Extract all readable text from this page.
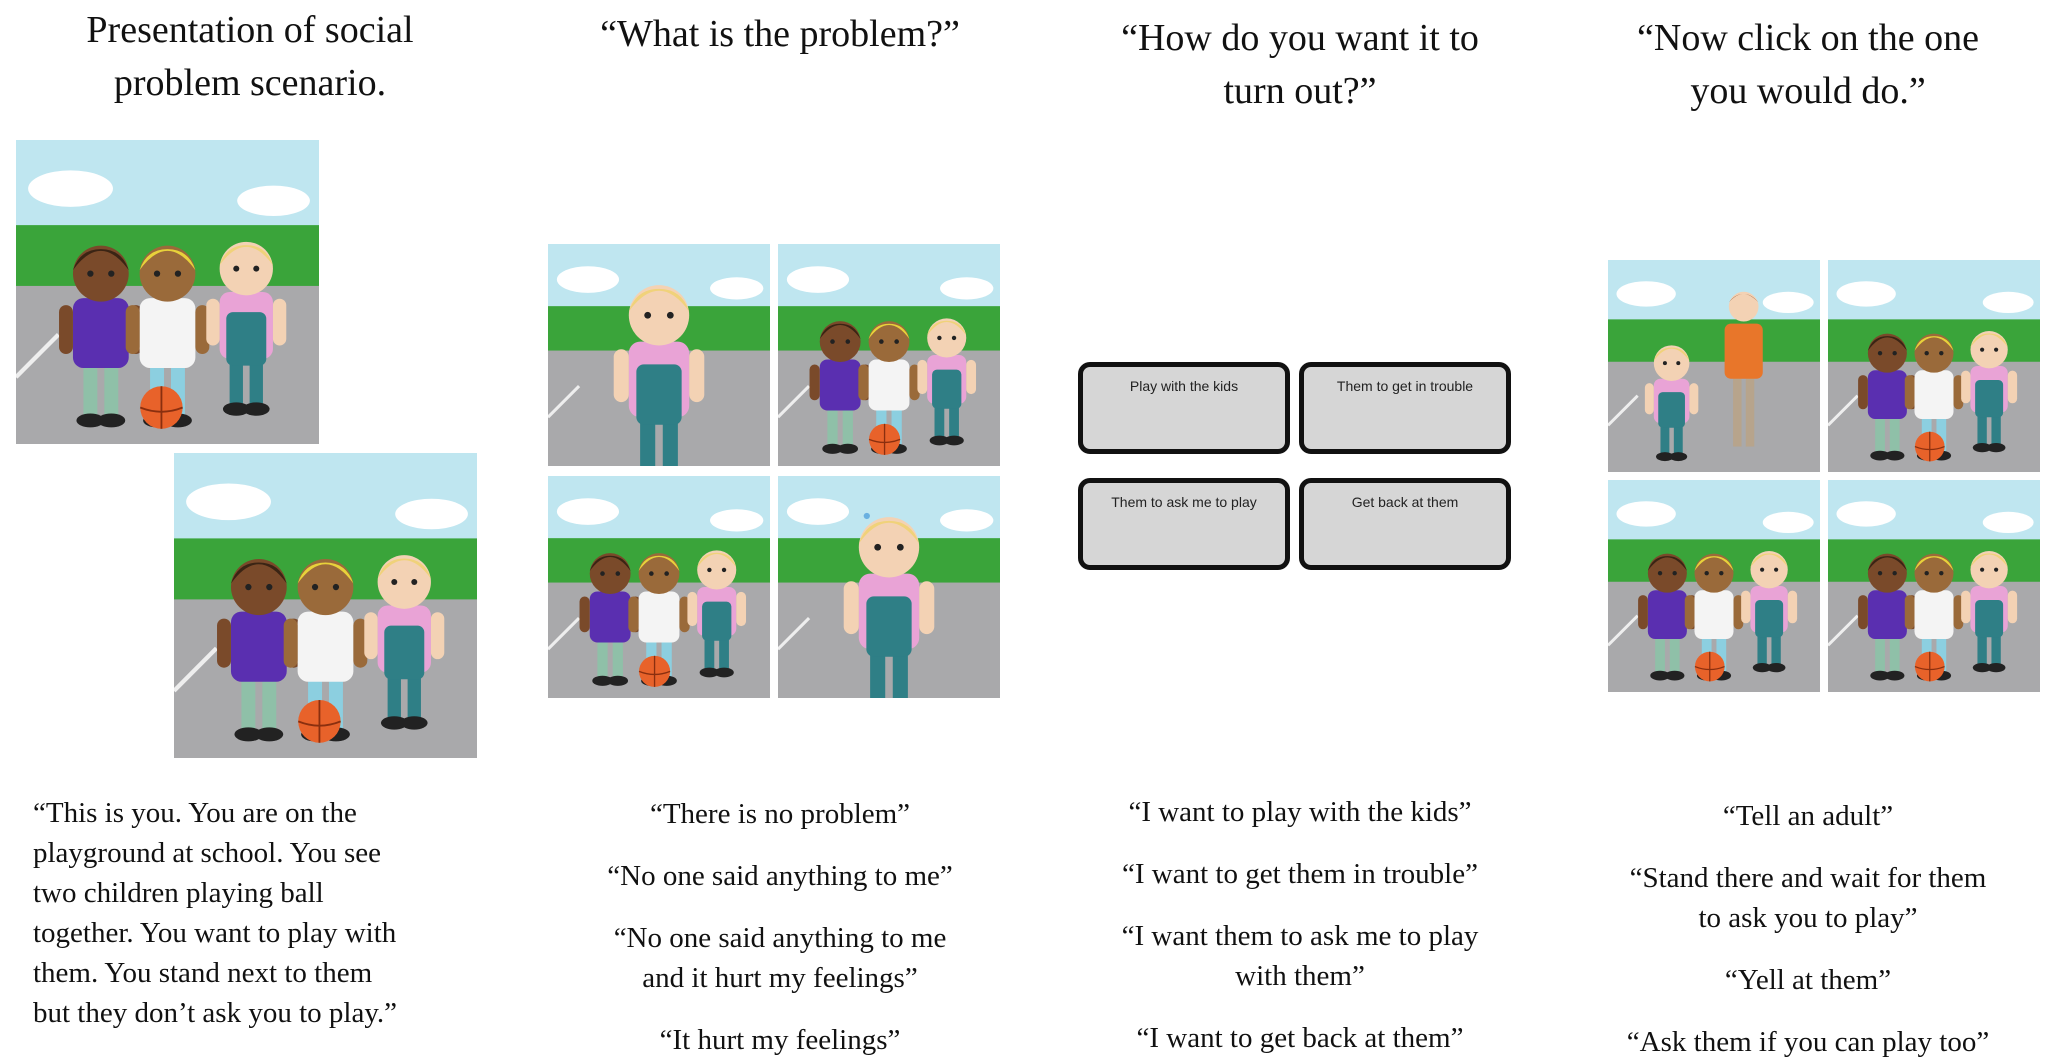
Presentation of social
problem scenario.
“This is you. You are on the
playground at school. You see
two children playing ball
together. You want to play with
them. You stand next to them
but they don’t ask you to play.”
“What is the problem?”
“There is no problem”
“No one said anything to me”
“No one said anything to me
and it hurt my feelings”
“It hurt my feelings”
“How do you want it to
turn out?”
Play with the kids	Them to get in trouble
Them to ask me to play	Get back at them
“I want to play with the kids”
“I want to get them in trouble”
“I want them to ask me to play
with them”
“I want to get back at them”
“Now click on the one
you would do.”
“Tell an adult”
“Stand there and wait for them
to ask you to play”
“Yell at them”
“Ask them if you can play too”
